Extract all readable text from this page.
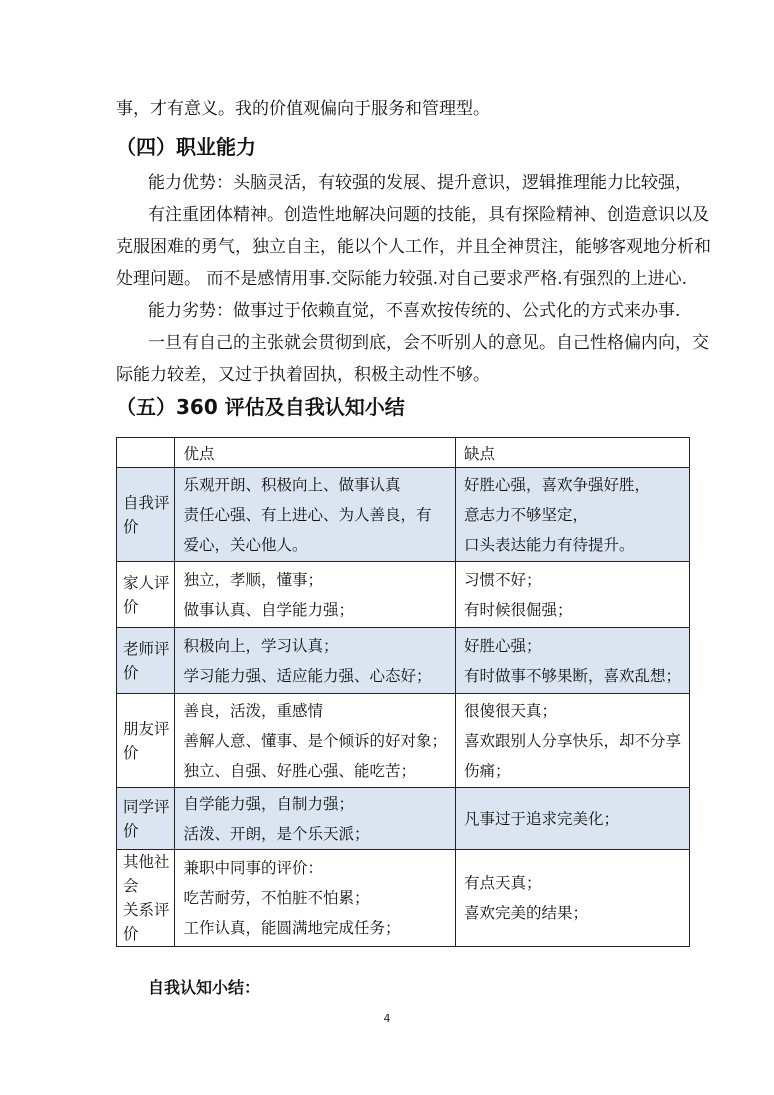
事，才有意义。我的价值观偏向于服务和管理型。
（四）职业能力
能力优势：头脑灵活，有较强的发展、提升意识，逻辑推理能力比较强，
有注重团体精神。创造性地解决问题的技能，具有探险精神、创造意识以及
克服困难的勇气，独立自主，能以个人工作，并且全神贯注，能够客观地分析和
处理问题。 而不是感情用事.交际能力较强.对自己要求严格.有强烈的上进心.
能力劣势：做事过于依赖直觉，不喜欢按传统的、公式化的方式来办事.
一旦有自己的主张就会贯彻到底，会不听别人的意见。自己性格偏内向，交
际能力较差，又过于执着固执，积极主动性不够。
（五）360 评估及自我认知小结
	优点	缺点

自我评价	乐观开朗、积极向上、做事认真
责任心强、有上进心、为人善良，有
爱心，关心他人。	好胜心强，喜欢争强好胜，
意志力不够坚定，
口头表达能力有待提升。

家人评价	独立，孝顺，懂事；
做事认真、自学能力强；	习惯不好；
有时候很倔强；

老师评价	积极向上，学习认真；
学习能力强、适应能力强、心态好；	好胜心强；
有时做事不够果断，喜欢乱想；

朋友评价	善良，活泼，重感情
善解人意、懂事、是个倾诉的好对象；
独立、自强、好胜心强、能吃苦；	很傻很天真；
喜欢跟别人分享快乐，却不分享
伤痛；

同学评价	自学能力强，自制力强；
活泼、开朗，是个乐天派；	凡事过于追求完美化；

其他社会
关系评价	兼职中同事的评价：
吃苦耐劳，不怕脏不怕累；
工作认真，能圆满地完成任务；	有点天真；
喜欢完美的结果；
自我认知小结：
4
